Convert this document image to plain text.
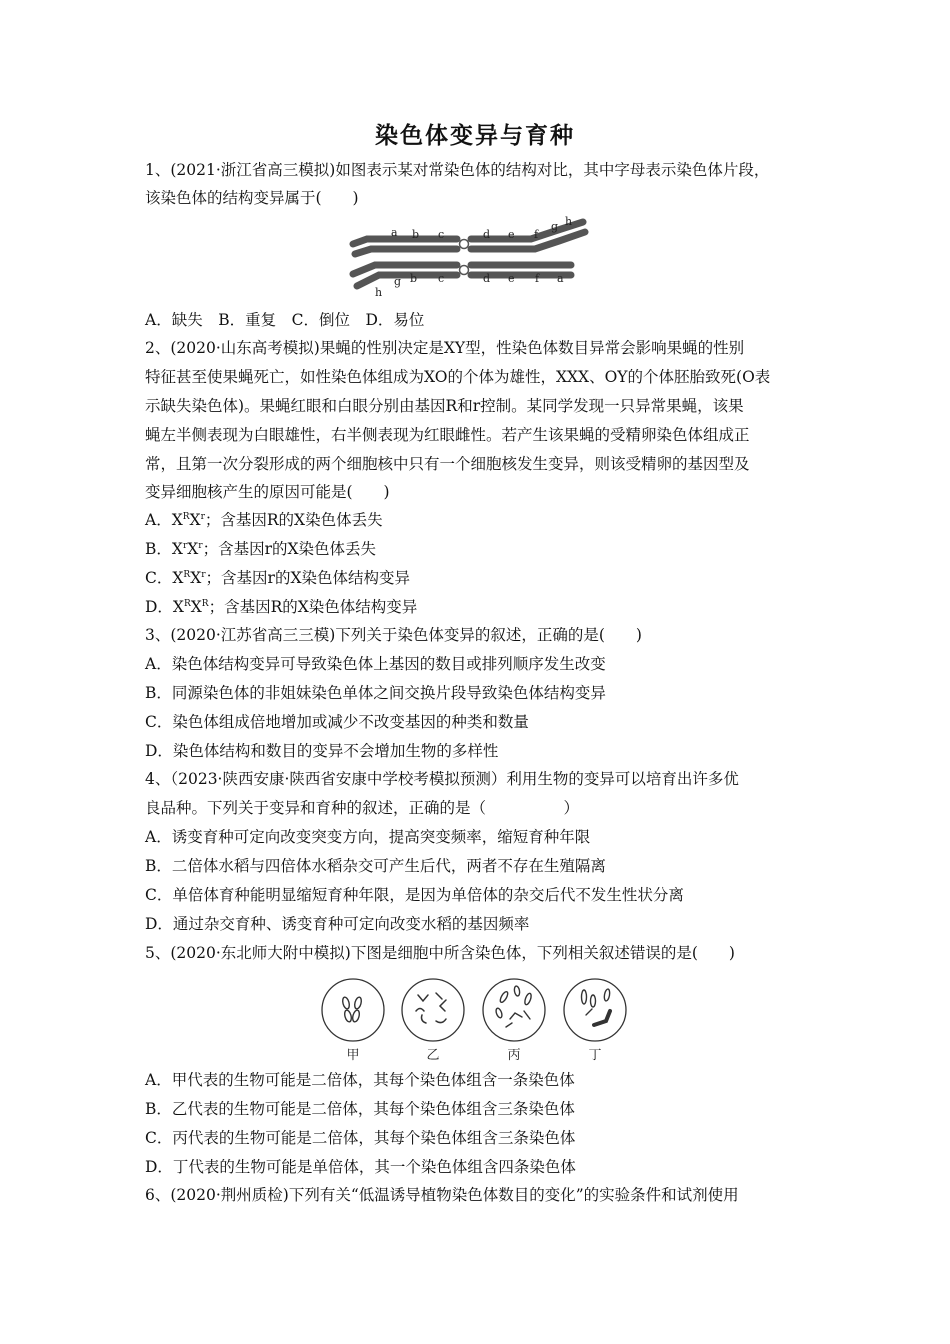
染色体变异与育种
1、(2021·浙江省高三模拟)如图表示某对常染色体的结构对比，其中字母表示染色体片段，
该染色体的结构变异属于(　　)
a b c	d e f
g h
h
g b c	d e f a
A．缺失　B．重复　C．倒位　D．易位
2、(2020·山东高考模拟)果蝇的性别决定是XY型，性染色体数目异常会影响果蝇的性别
特征甚至使果蝇死亡，如性染色体组成为XO的个体为雄性，XXX、OY的个体胚胎致死(O表
示缺失染色体)。果蝇红眼和白眼分别由基因R和r控制。某同学发现一只异常果蝇，该果
蝇左半侧表现为白眼雄性，右半侧表现为红眼雌性。若产生该果蝇的受精卵染色体组成正
常，且第一次分裂形成的两个细胞核中只有一个细胞核发生变异，则该受精卵的基因型及
变异细胞核产生的原因可能是(　　)
A．$X^RX^r$；含基因R的X染色体丢失
B．$X^rX^r$；含基因r的X染色体丢失
C．$X^RX^r$；含基因r的X染色体结构变异
D．$X^RX^R$；含基因R的X染色体结构变异
3、(2020·江苏省高三三模)下列关于染色体变异的叙述，正确的是(　　)
A．染色体结构变异可导致染色体上基因的数目或排列顺序发生改变
B．同源染色体的非姐妹染色单体之间交换片段导致染色体结构变异
C．染色体组成倍地增加或减少不改变基因的种类和数量
D．染色体结构和数目的变异不会增加生物的多样性
4、（2023·陕西安康·陕西省安康中学校考模拟预测）利用生物的变异可以培育出许多优
良品种。下列关于变异和育种的叙述，正确的是（　　　　　）
A．诱变育种可定向改变突变方向，提高突变频率，缩短育种年限
B．二倍体水稻与四倍体水稻杂交可产生后代，两者不存在生殖隔离
C．单倍体育种能明显缩短育种年限，是因为单倍体的杂交后代不发生性状分离
D．通过杂交育种、诱变育种可定向改变水稻的基因频率
5、(2020·东北师大附中模拟)下图是细胞中所含染色体，下列相关叙述错误的是(　　)
甲	乙	丙	丁
A．甲代表的生物可能是二倍体，其每个染色体组含一条染色体
B．乙代表的生物可能是二倍体，其每个染色体组含三条染色体
C．丙代表的生物可能是二倍体，其每个染色体组含三条染色体
D．丁代表的生物可能是单倍体，其一个染色体组含四条染色体
6、(2020·荆州质检)下列有关“低温诱导植物染色体数目的变化”的实验条件和试剂使用
